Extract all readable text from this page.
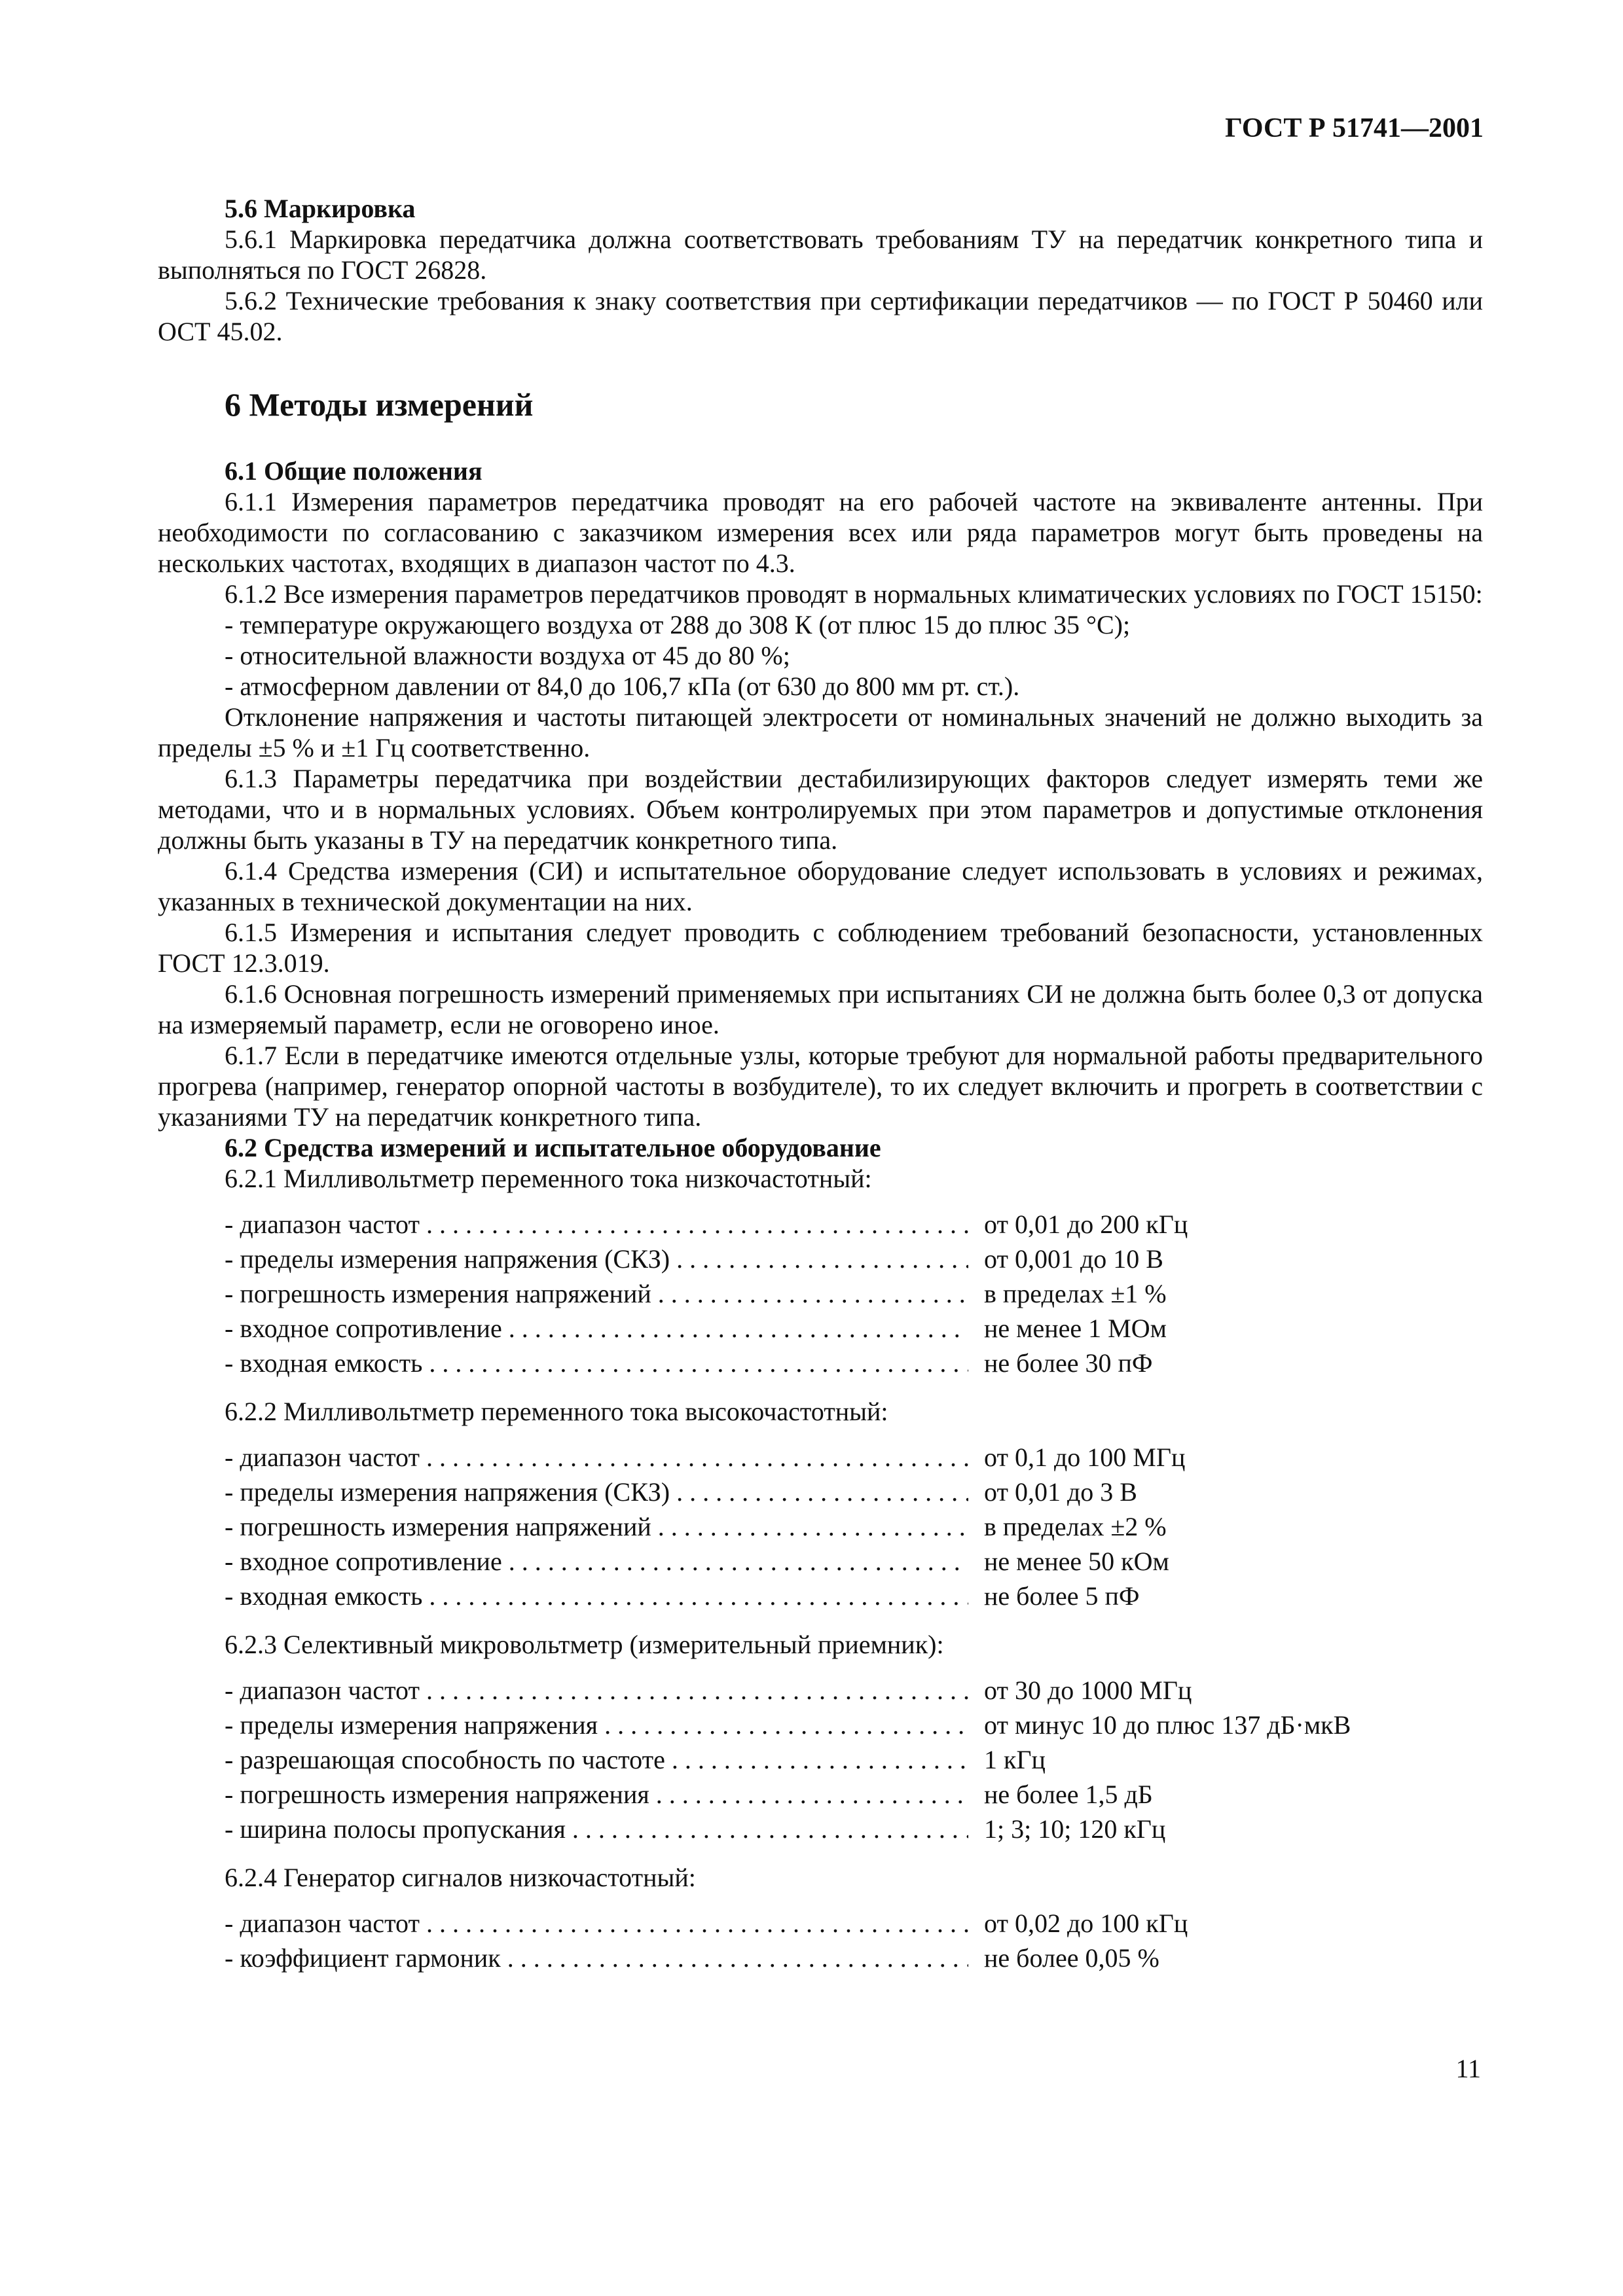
ГОСТ Р 51741—2001
5.6 Маркировка
5.6.1 Маркировка передатчика должна соответствовать требованиям ТУ на передатчик конкретного типа и выполняться по ГОСТ 26828.
5.6.2 Технические требования к знаку соответствия при сертификации передатчиков — по ГОСТ Р 50460 или ОСТ 45.02.
6 Методы измерений
6.1 Общие положения
6.1.1 Измерения параметров передатчика проводят на его рабочей частоте на эквиваленте антенны. При необходимости по согласованию с заказчиком измерения всех или ряда параметров могут быть проведены на нескольких частотах, входящих в диапазон частот по 4.3.
6.1.2 Все измерения параметров передатчиков проводят в нормальных климатических условиях по ГОСТ 15150:
- температуре окружающего воздуха от 288 до 308 К (от плюс 15 до плюс 35 °С);
- относительной влажности воздуха от 45 до 80 %;
- атмосферном давлении от 84,0 до 106,7 кПа (от 630 до 800 мм рт. ст.).
Отклонение напряжения и частоты питающей электросети от номинальных значений не должно выходить за пределы ±5 % и ±1 Гц соответственно.
6.1.3 Параметры передатчика при воздействии дестабилизирующих факторов следует измерять теми же методами, что и в нормальных условиях. Объем контролируемых при этом параметров и допустимые отклонения должны быть указаны в ТУ на передатчик конкретного типа.
6.1.4 Средства измерения (СИ) и испытательное оборудование следует использовать в условиях и режимах, указанных в технической документации на них.
6.1.5 Измерения и испытания следует проводить с соблюдением требований безопасности, установленных ГОСТ 12.3.019.
6.1.6 Основная погрешность измерений применяемых при испытаниях СИ не должна быть более 0,3 от допуска на измеряемый параметр, если не оговорено иное.
6.1.7 Если в передатчике имеются отдельные узлы, которые требуют для нормальной работы предварительного прогрева (например, генератор опорной частоты в возбудителе), то их следует включить и прогреть в соответствии с указаниями ТУ на передатчик конкретного типа.
6.2 Средства измерений и испытательное оборудование
6.2.1 Милливольтметр переменного тока низкочастотный:
- диапазон частот . . .	от 0,01 до 200 кГц
- пределы измерения напряжения (СКЗ) . . .	от 0,001 до 10 В
- погрешность измерения напряжений . . .	в пределах ±1 %
- входное сопротивление . . .	не менее 1 МОм
- входная емкость . . .	не более 30 пФ
6.2.2 Милливольтметр переменного тока высокочастотный:
- диапазон частот . . .	от 0,1 до 100 МГц
- пределы измерения напряжения (СКЗ) . . .	от 0,01 до 3 В
- погрешность измерения напряжений . . .	в пределах ±2 %
- входное сопротивление . . .	не менее 50 кОм
- входная емкость . . .	не более 5 пФ
6.2.3 Селективный микровольтметр (измерительный приемник):
- диапазон частот . . .	от 30 до 1000 МГц
- пределы измерения напряжения . . .	от минус 10 до плюс 137 дБ·мкВ
- разрешающая способность по частоте . . .	1 кГц
- погрешность измерения напряжения . . .	не более 1,5 дБ
- ширина полосы пропускания . . .	1; 3; 10; 120 кГц
6.2.4 Генератор сигналов низкочастотный:
- диапазон частот . . .	от 0,02 до 100 кГц
- коэффициент гармоник . . .	не более 0,05 %
11
